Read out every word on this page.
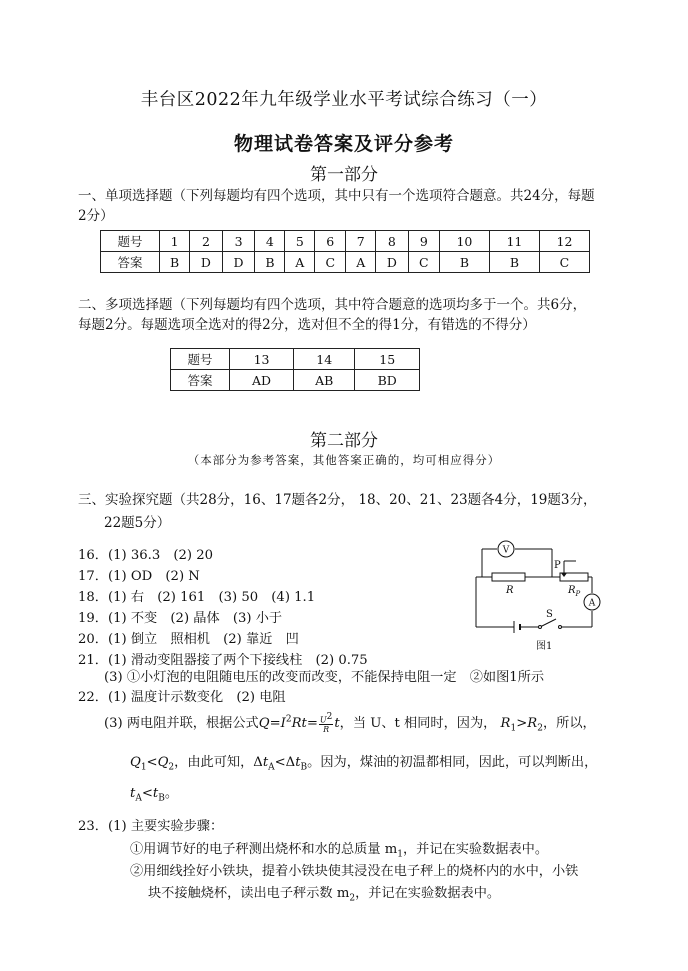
丰台区2022年九年级学业水平考试综合练习（一）
物理试卷答案及评分参考
第一部分
一、单项选择题（下列每题均有四个选项，其中只有一个选项符合题意。共24分，每题
2分）
题号	1	2	3	4	5	6	7	8	9	10	11	12
答案	B	D	D	B	A	C	A	D	C	B	B	C
二、多项选择题（下列每题均有四个选项，其中符合题意的选项均多于一个。共6分，
每题2分。每题选项全选对的得2分，选对但不全的得1分，有错选的不得分）
题号	13	14	15
答案	AD	AB	BD
第二部分
（本部分为参考答案，其他答案正确的，均可相应得分）
三、实验探究题（共28分，16、17题各2分， 18、20、21、23题各4分，19题3分，
22题5分）
16．(1) 36.3　(2) 20
17．(1) OD　(2) N
18．(1) 右　(2) 161　(3) 50　(4) 1.1
19．(1) 不变　(2) 晶体　(3) 小于
20．(1) 倒立　照相机　(2) 靠近　凹
21．(1) 滑动变阻器接了两个下接线柱　(2) 0.75
(3) ①小灯泡的电阻随电压的改变而改变，不能保持电阻一定　②如图1所示
22．(1) 温度计示数变化　(2) 电阻
(3) 两电阻并联，根据公式$Q=I^2Rt= \frac{U^2}{R}t$，当 U、t 相同时，因为， $R_1>R_2$，所以，
$Q_1<Q_2$，由此可知，$\Delta t_A<\Delta t_B$。因为，煤油的初温都相同，因此，可以判断出，
$t_A<t_B$。
23．(1) 主要实验步骤：
①用调节好的电子秤测出烧杯和水的总质量 $m_1$，并记在实验数据表中。
②用细线拴好小铁块，提着小铁块使其浸没在电子秤上的烧杯内的水中，小铁
块不接触烧杯，读出电子秤示数 $m_2$，并记在实验数据表中。
V
A
R	$R_P$
P
S
图1
